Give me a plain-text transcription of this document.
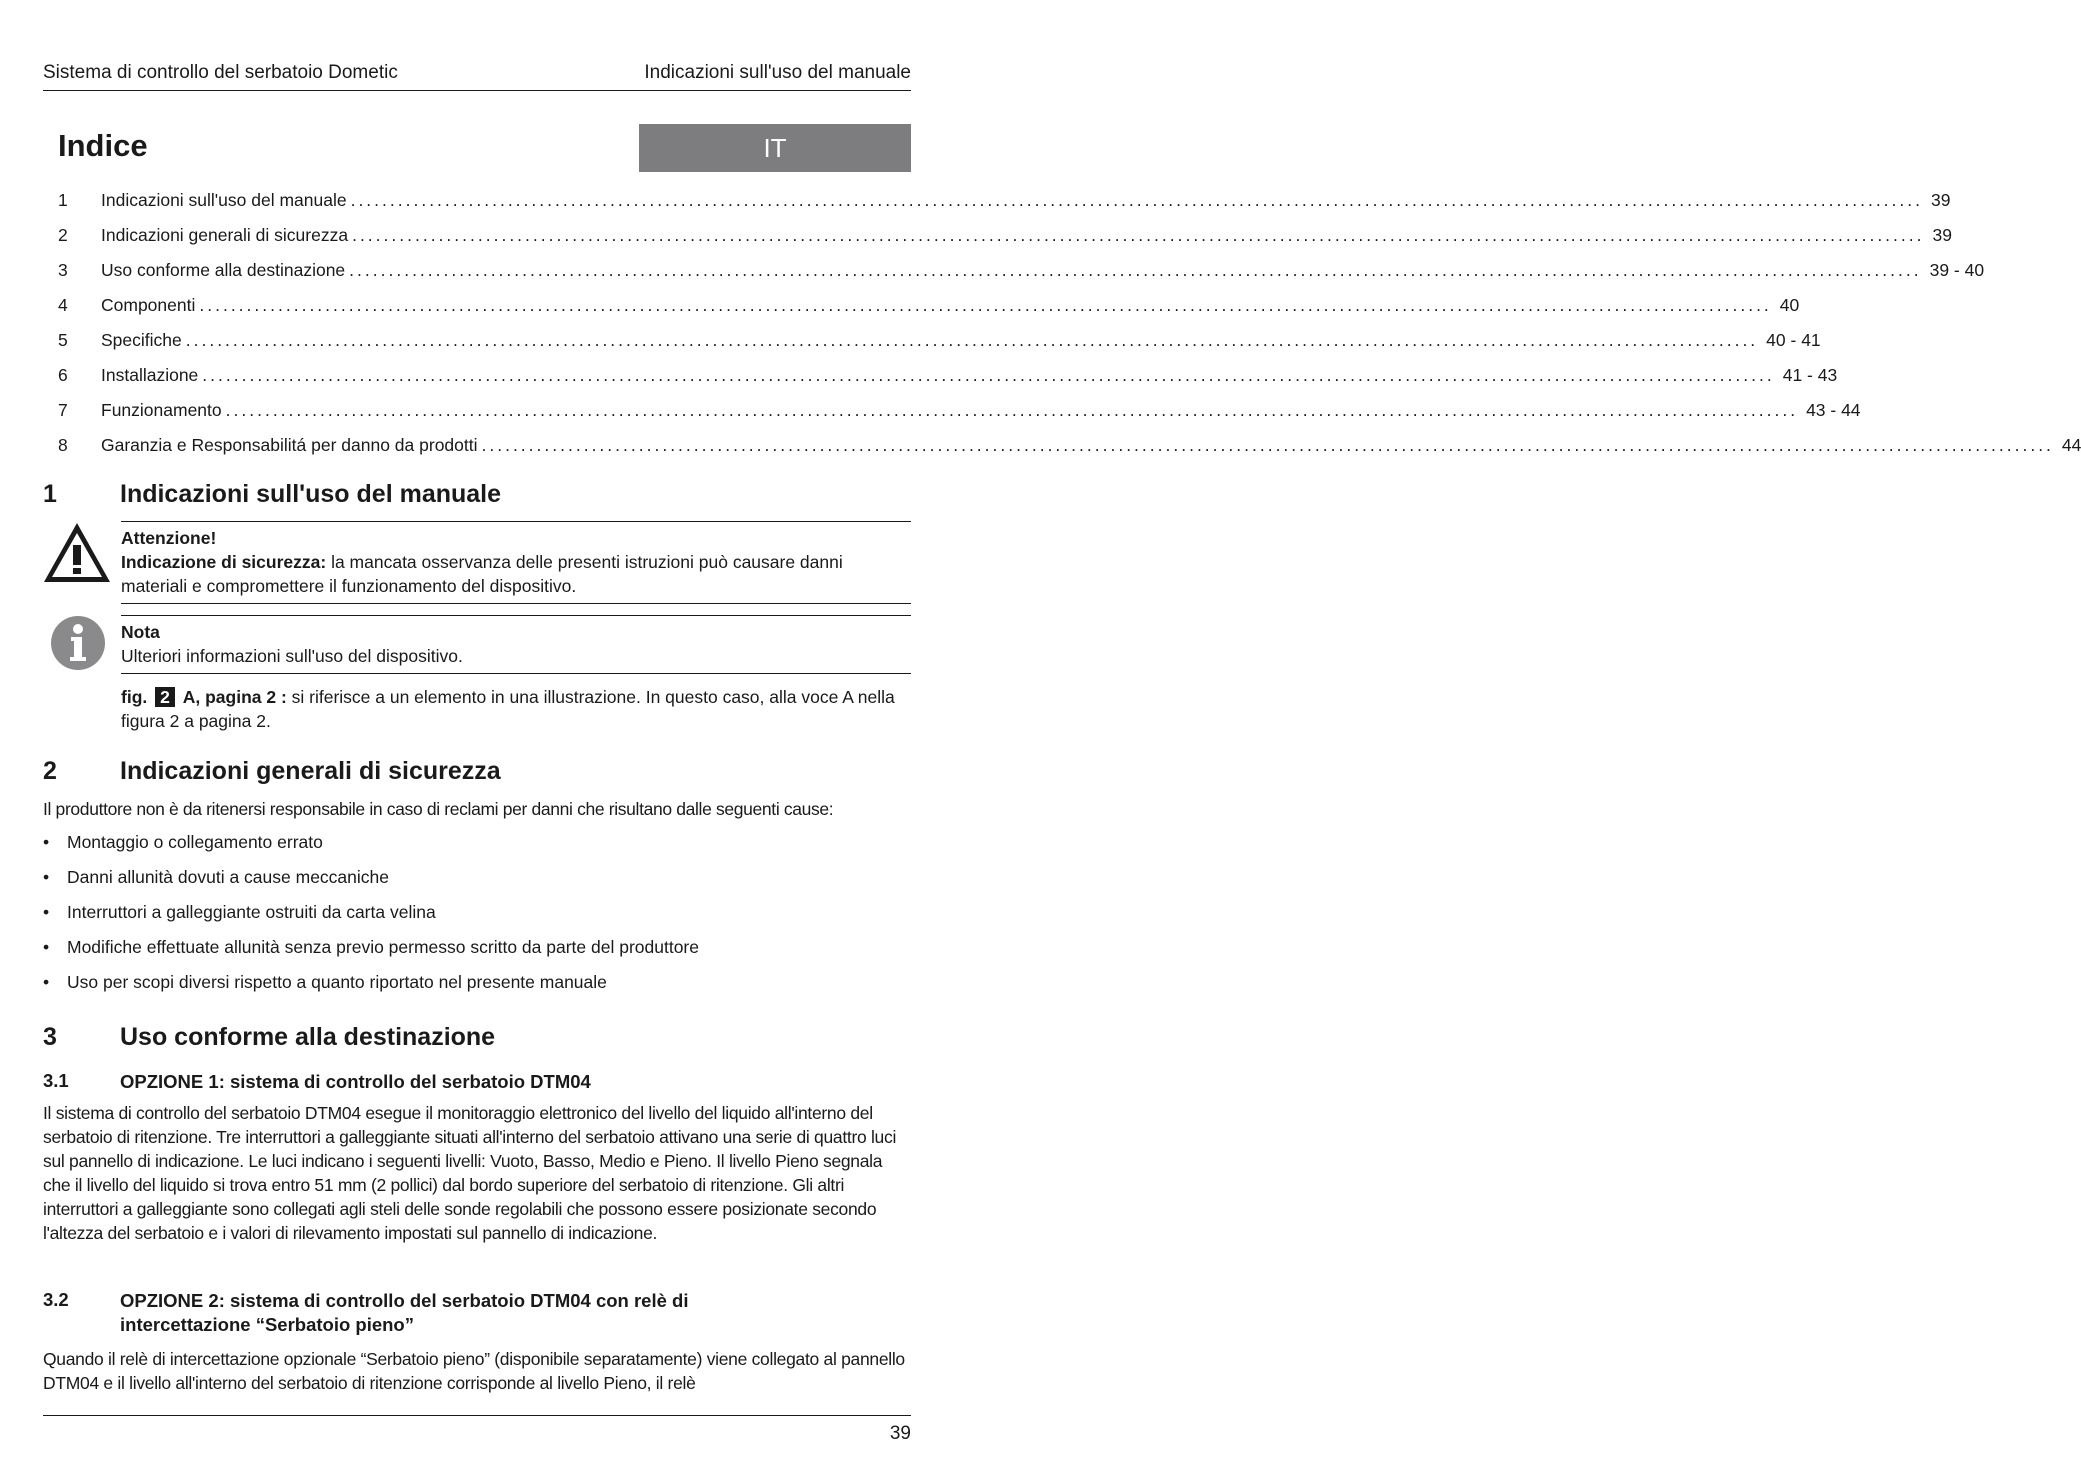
Sistema di controllo del serbatoio Dometic	Indicazioni sull'uso del manuale
Indice	IT
1	Indicazioni sull'uso del manuale ........................................................................................................................................................................................................ 39
2	Indicazioni generali di sicurezza ........................................................................................................................................................................................................ 39
3	Uso conforme alla destinazione ........................................................................................................................................................................................................ 39 - 40
4	Componenti ........................................................................................................................................................................................................ 40
5	Specifiche ........................................................................................................................................................................................................ 40 - 41
6	Installazione ........................................................................................................................................................................................................ 41 - 43
7	Funzionamento ........................................................................................................................................................................................................ 43 - 44
8	Garanzia e Responsabilitá per danno da prodotti ........................................................................................................................................................................................................ 44
1	Indicazioni sull'uso del manuale
Attenzione!
Indicazione di sicurezza: la mancata osservanza delle presenti istruzioni può causare danni materiali e compromettere il funzionamento del dispositivo.
Nota
Ulteriori informazioni sull'uso del dispositivo.
fig. 2 A, pagina 2 : si riferisce a un elemento in una illustrazione. In questo caso, alla voce A nella figura 2 a pagina 2.
2	Indicazioni generali di sicurezza
Il produttore non è da ritenersi responsabile in caso di reclami per danni che risultano dalle seguenti cause:
• Montaggio o collegamento errato
• Danni allunità dovuti a cause meccaniche
• Interruttori a galleggiante ostruiti da carta velina
• Modifiche effettuate allunità senza previo permesso scritto da parte del produttore
• Uso per scopi diversi rispetto a quanto riportato nel presente manuale
3	Uso conforme alla destinazione
3.1	OPZIONE 1: sistema di controllo del serbatoio DTM04
Il sistema di controllo del serbatoio DTM04 esegue il monitoraggio elettronico del livello del liquido all'interno del serbatoio di ritenzione. Tre interruttori a galleggiante situati all'interno del serbatoio attivano una serie di quattro luci sul pannello di indicazione. Le luci indicano i seguenti livelli: Vuoto, Basso, Medio e Pieno. Il livello Pieno segnala che il livello del liquido si trova entro 51 mm (2 pollici) dal bordo superiore del serbatoio di ritenzione. Gli altri interruttori a galleggiante sono collegati agli steli delle sonde regolabili che possono essere posizionate secondo l'altezza del serbatoio e i valori di rilevamento impostati sul pannello di indicazione.
3.2	OPZIONE 2: sistema di controllo del serbatoio DTM04 con relè di
intercettazione “Serbatoio pieno”
Quando il relè di intercettazione opzionale “Serbatoio pieno” (disponibile separatamente) viene collegato al pannello DTM04 e il livello all'interno del serbatoio di ritenzione corrisponde al livello Pieno, il relè
39
